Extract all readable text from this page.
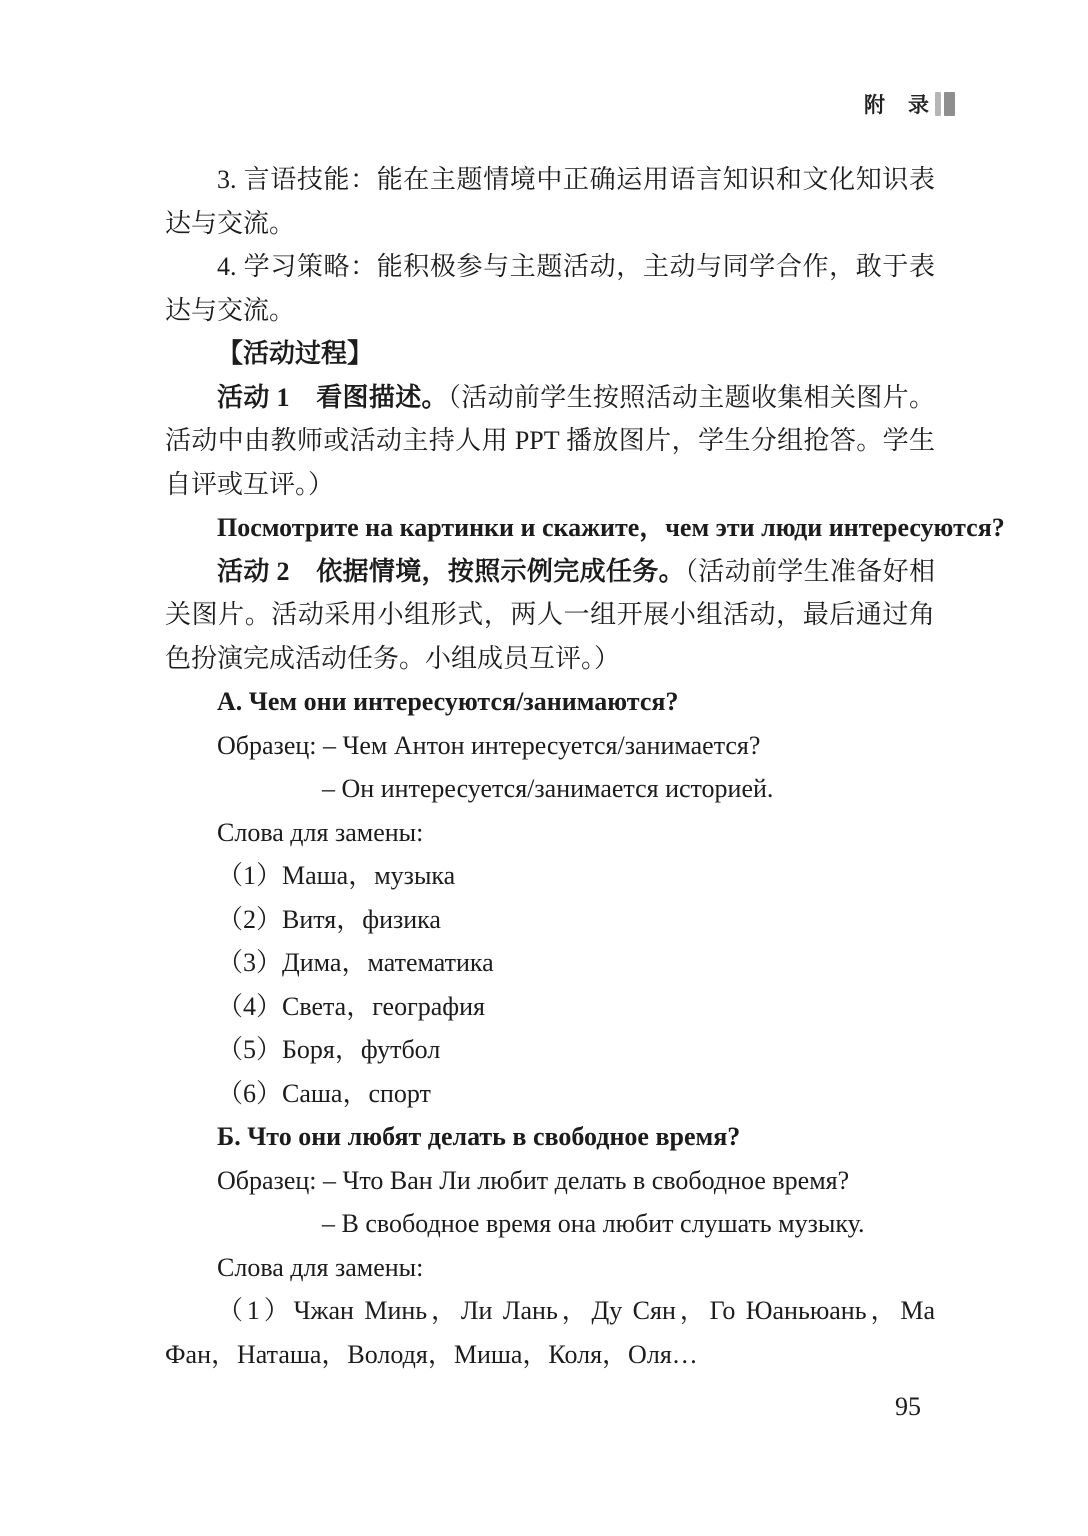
附　录

3. 言语技能：能在主题情境中正确运用语言知识和文化知识表达与交流。

4. 学习策略：能积极参与主题活动，主动与同学合作，敢于表达与交流。

【活动过程】

活动 1　看图描述。（活动前学生按照活动主题收集相关图片。活动中由教师或活动主持人用 PPT 播放图片，学生分组抢答。学生自评或互评。）

Посмотрите на картинки и скажите，чем эти люди интересуются?

活动 2　依据情境，按照示例完成任务。（活动前学生准备好相关图片。活动采用小组形式，两人一组开展小组活动，最后通过角色扮演完成活动任务。小组成员互评。）

А. Чем они интересуются/занимаются?

Образец: – Чем Антон интересуется/занимается?

– Он интересуется/занимается историей.

Слова для замены:

（1）Маша，музыка

（2）Витя，физика

（3）Дима，математика

（4）Света，география

（5）Боря，футбол

（6）Саша，спорт

Б. Что они любят делать в свободное время?

Образец: – Что Ван Ли любит делать в свободное время?

– В свободное время она любит слушать музыку.

Слова для замены:

（1）Чжан Минь，Ли Лань，Ду Сян，Го Юаньюань，Ма Фан，Наташа，Володя，Миша，Коля，Оля…

95
